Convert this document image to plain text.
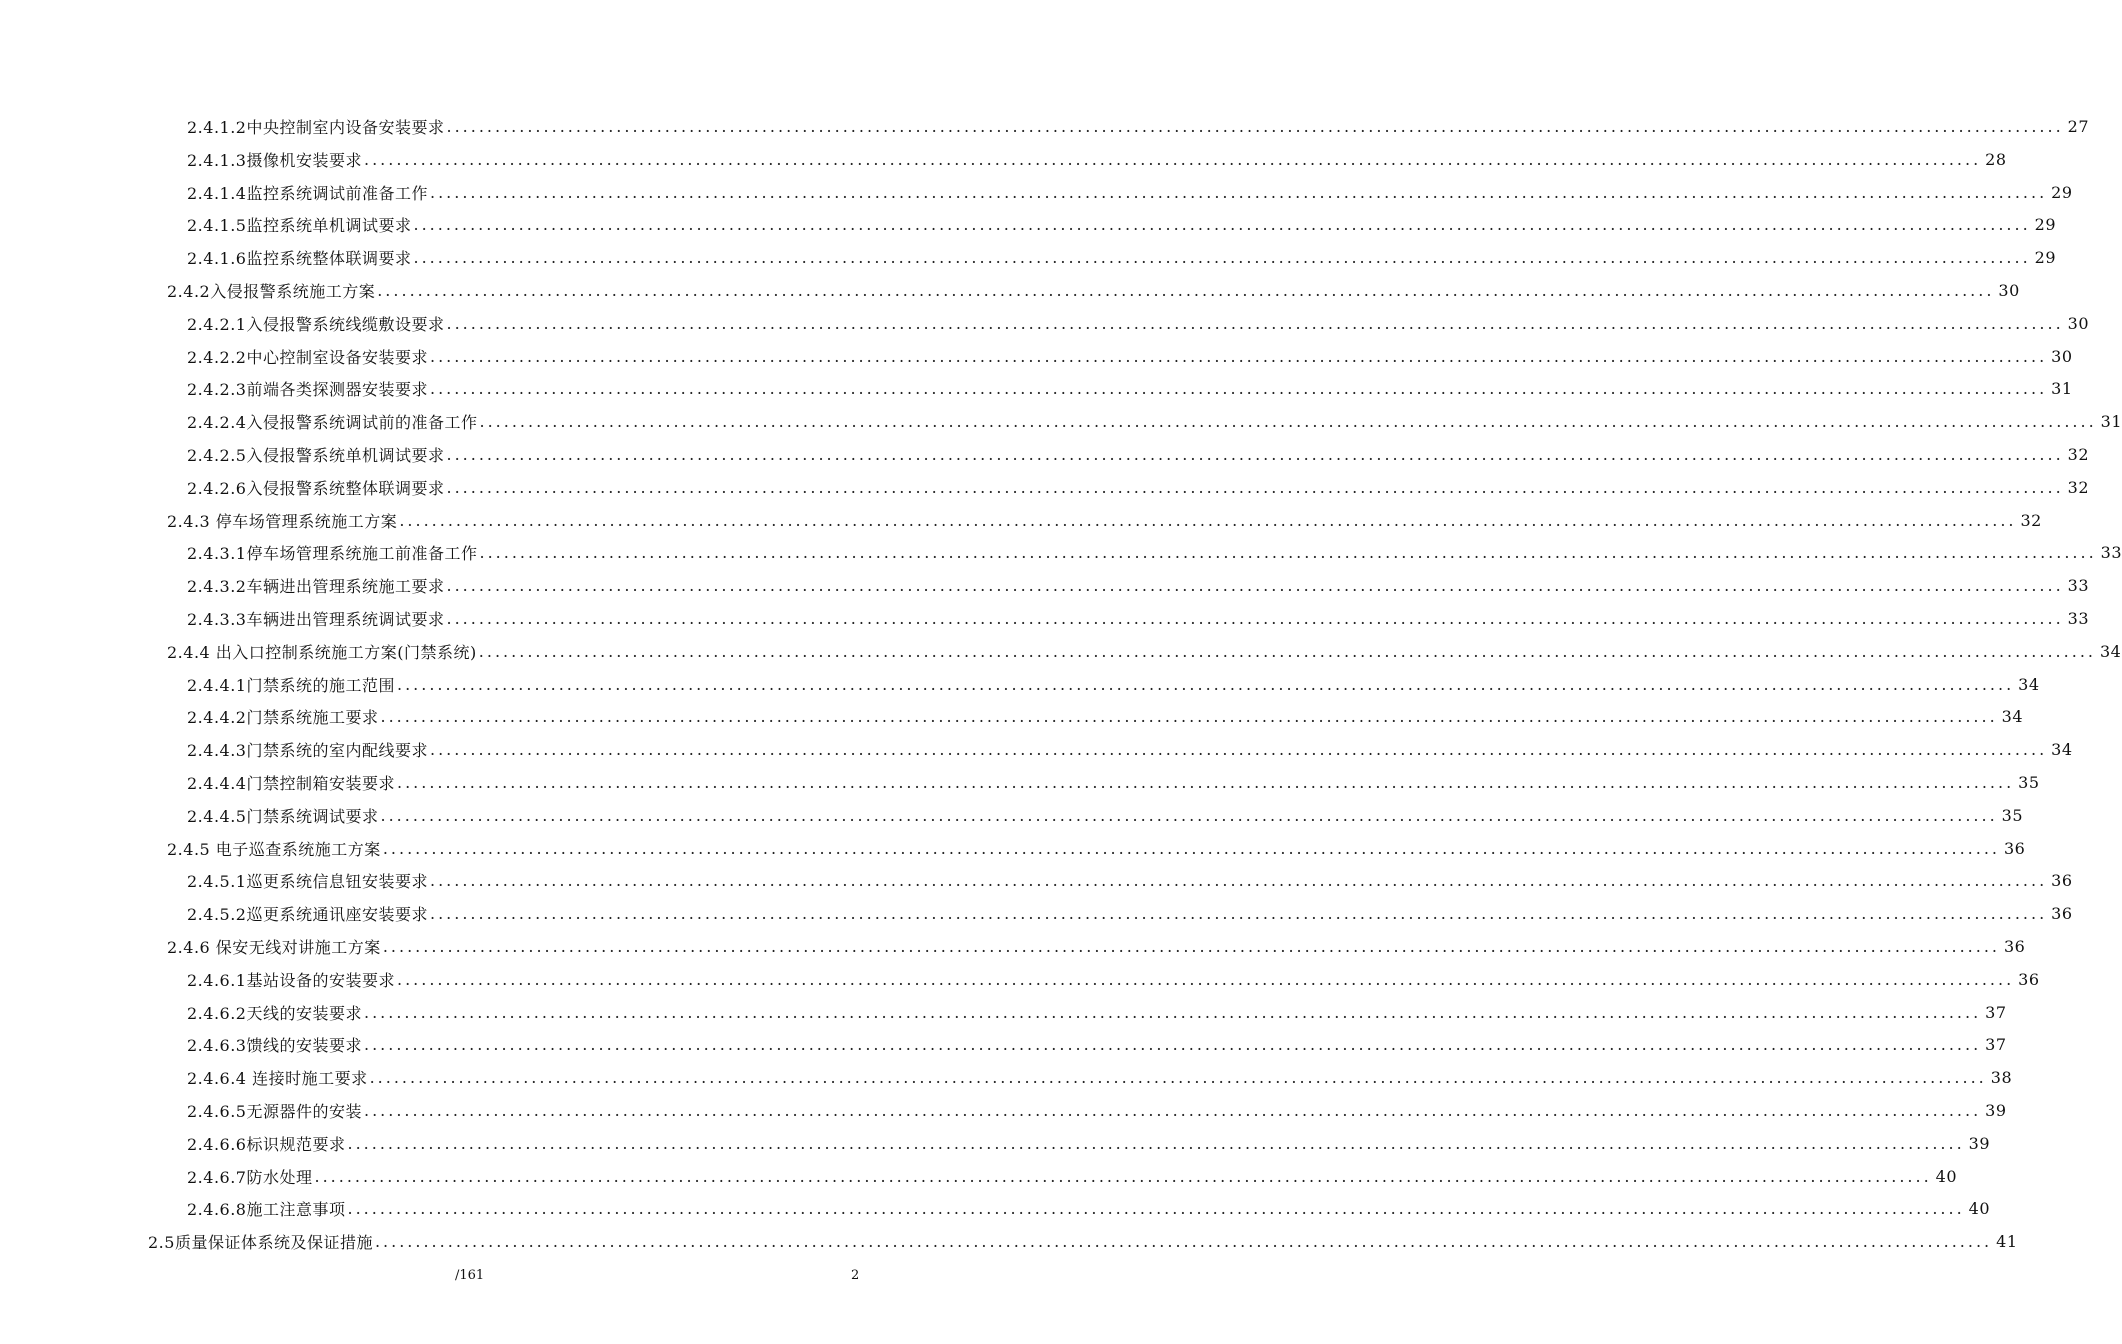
2.4.1.2中央控制室内设备安装要求 ........................................................................................................................................................................................................ 27
2.4.1.3摄像机安装要求 ........................................................................................................................................................................................................ 28
2.4.1.4监控系统调试前准备工作 ........................................................................................................................................................................................................ 29
2.4.1.5监控系统单机调试要求 ........................................................................................................................................................................................................ 29
2.4.1.6监控系统整体联调要求 ........................................................................................................................................................................................................ 29
2.4.2入侵报警系统施工方案 ........................................................................................................................................................................................................ 30
2.4.2.1入侵报警系统线缆敷设要求 ........................................................................................................................................................................................................ 30
2.4.2.2中心控制室设备安装要求 ........................................................................................................................................................................................................ 30
2.4.2.3前端各类探测器安装要求 ........................................................................................................................................................................................................ 31
2.4.2.4入侵报警系统调试前的准备工作 ........................................................................................................................................................................................................ 31
2.4.2.5入侵报警系统单机调试要求 ........................................................................................................................................................................................................ 32
2.4.2.6入侵报警系统整体联调要求 ........................................................................................................................................................................................................ 32
2.4.3 停车场管理系统施工方案 ........................................................................................................................................................................................................ 32
2.4.3.1停车场管理系统施工前准备工作 ........................................................................................................................................................................................................ 33
2.4.3.2车辆进出管理系统施工要求 ........................................................................................................................................................................................................ 33
2.4.3.3车辆进出管理系统调试要求 ........................................................................................................................................................................................................ 33
2.4.4 出入口控制系统施工方案(门禁系统) ........................................................................................................................................................................................................ 34
2.4.4.1门禁系统的施工范围 ........................................................................................................................................................................................................ 34
2.4.4.2门禁系统施工要求 ........................................................................................................................................................................................................ 34
2.4.4.3门禁系统的室内配线要求 ........................................................................................................................................................................................................ 34
2.4.4.4门禁控制箱安装要求 ........................................................................................................................................................................................................ 35
2.4.4.5门禁系统调试要求 ........................................................................................................................................................................................................ 35
2.4.5 电子巡查系统施工方案 ........................................................................................................................................................................................................ 36
2.4.5.1巡更系统信息钮安装要求 ........................................................................................................................................................................................................ 36
2.4.5.2巡更系统通讯座安装要求 ........................................................................................................................................................................................................ 36
2.4.6 保安无线对讲施工方案 ........................................................................................................................................................................................................ 36
2.4.6.1基站设备的安装要求 ........................................................................................................................................................................................................ 36
2.4.6.2天线的安装要求 ........................................................................................................................................................................................................ 37
2.4.6.3馈线的安装要求 ........................................................................................................................................................................................................ 37
2.4.6.4 连接时施工要求 ........................................................................................................................................................................................................ 38
2.4.6.5无源器件的安装 ........................................................................................................................................................................................................ 39
2.4.6.6标识规范要求 ........................................................................................................................................................................................................ 39
2.4.6.7防水处理 ........................................................................................................................................................................................................ 40
2.4.6.8施工注意事项 ........................................................................................................................................................................................................ 40
2.5质量保证体系统及保证措施 ........................................................................................................................................................................................................ 41
/161	2
